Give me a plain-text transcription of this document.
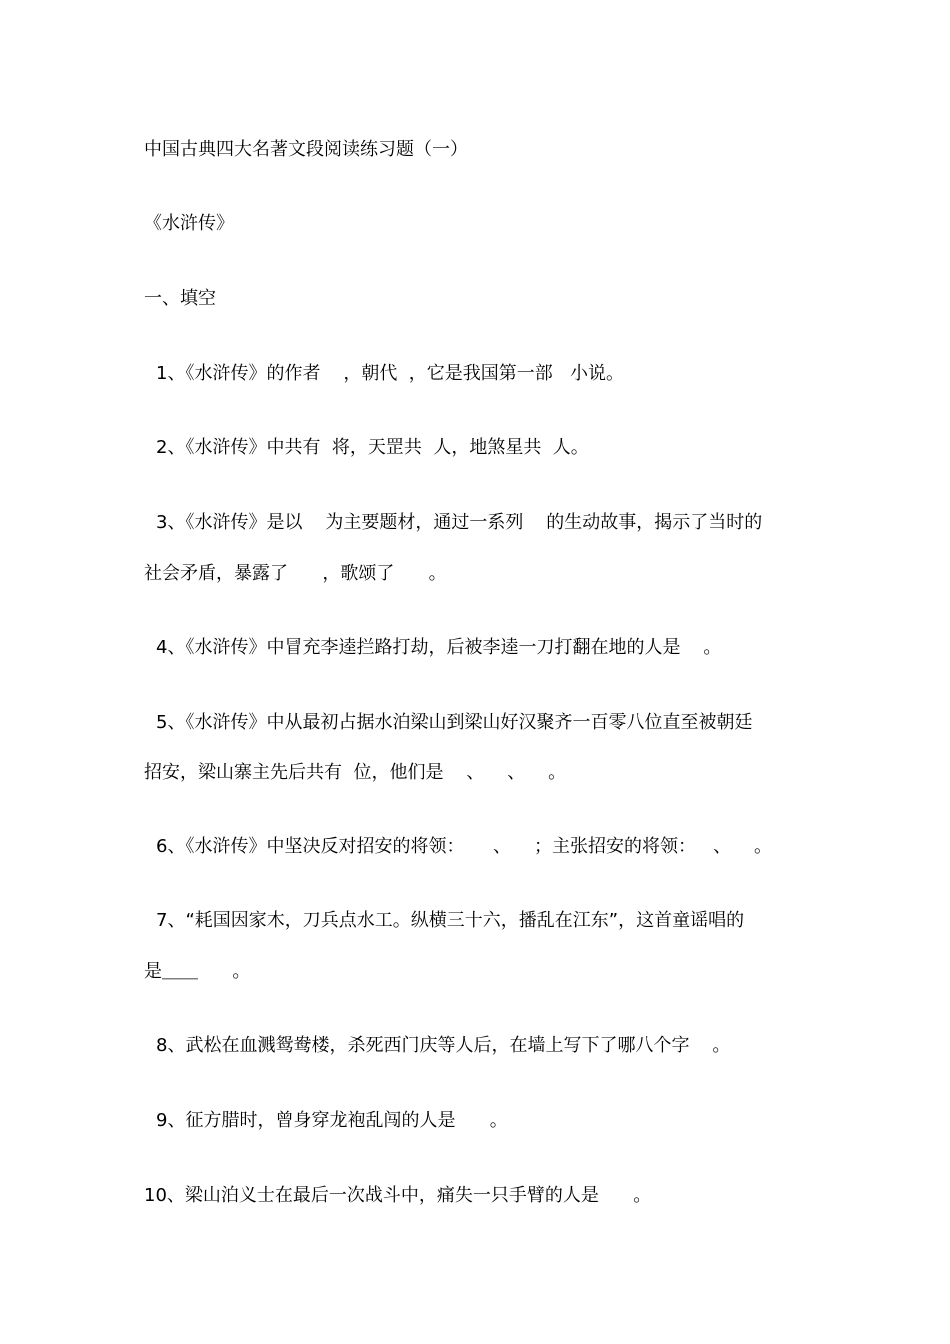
中国古典四大名著文段阅读练习题（一）
《水浒传》
一、填空
1、《水浒传》的作者    ，朝代  ，它是我国第一部   小说。
2、《水浒传》中共有  将，天罡共  人，地煞星共  人。
3、《水浒传》是以    为主要题材，通过一系列    的生动故事，揭示了当时的
社会矛盾，暴露了      ，歌颂了      。
4、《水浒传》中冒充李逵拦路打劫，后被李逵一刀打翻在地的人是    。
5、《水浒传》中从最初占据水泊梁山到梁山好汉聚齐一百零八位直至被朝廷
招安，梁山寨主先后共有  位，他们是    、    、    。
6、《水浒传》中坚决反对招安的将领：     、    ；主张招安的将领：   、    。
7、“耗国因家木，刀兵点水工。纵横三十六，播乱在江东”，这首童谣唱的
是＿＿      。
8、武松在血溅鸳鸯楼，杀死西门庆等人后，在墙上写下了哪八个字    。
9、征方腊时，曾身穿龙袍乱闯的人是      。
10、梁山泊义士在最后一次战斗中，痛失一只手臂的人是      。
